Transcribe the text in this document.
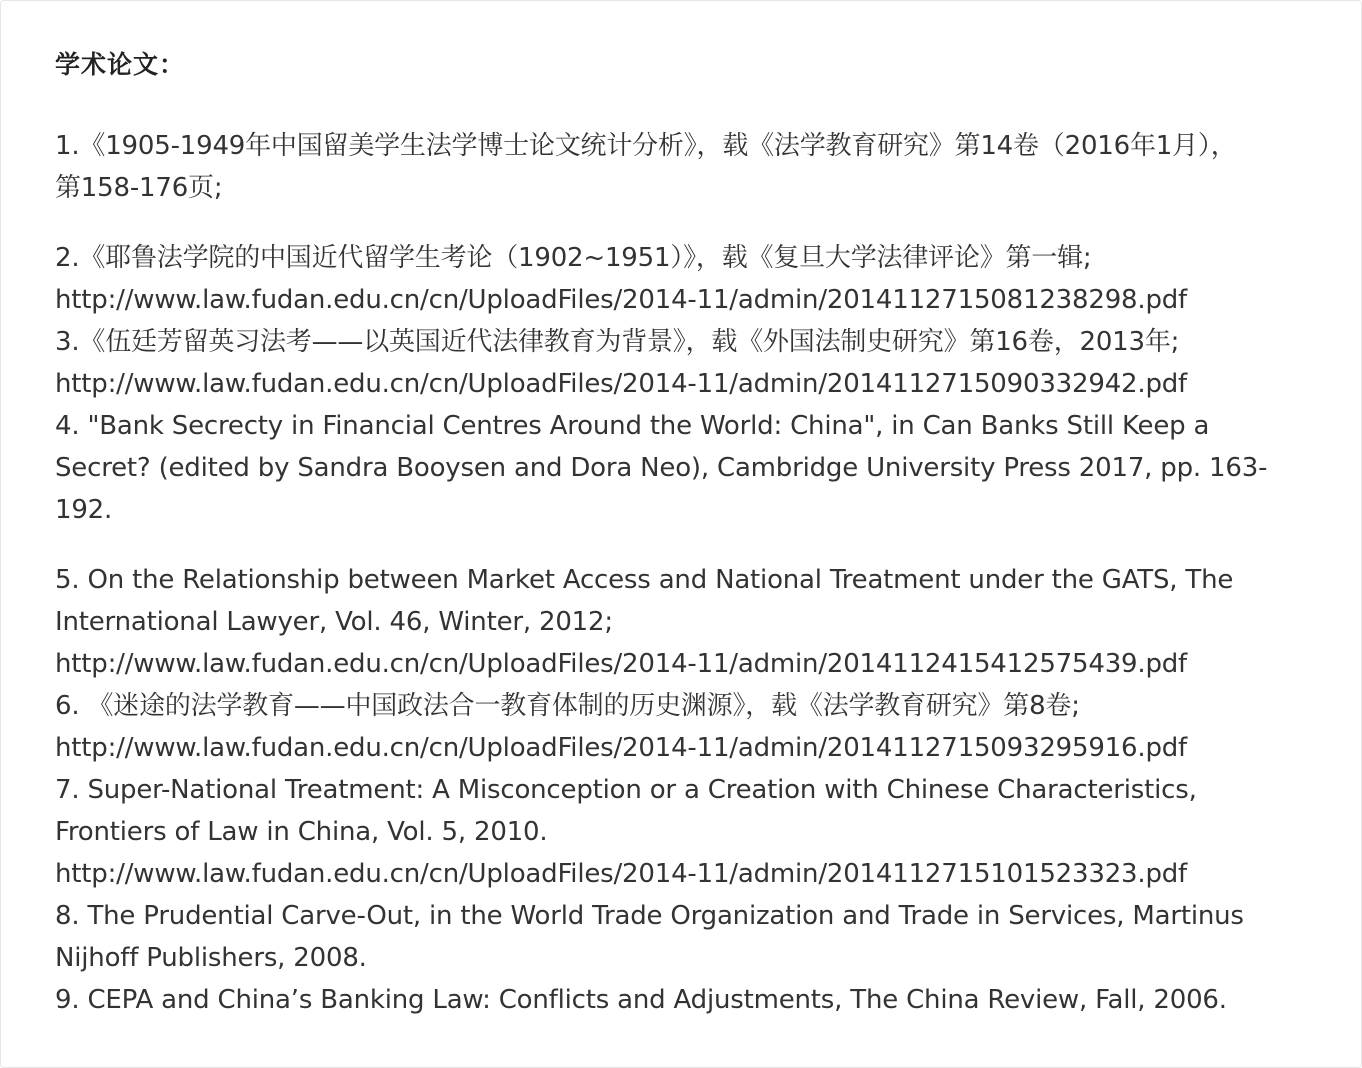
学术论文：
1.《1905-1949年中国留美学生法学博士论文统计分析》，载《法学教育研究》第14卷（2016年1月），
第158-176页;
2.《耶鲁法学院的中国近代留学生考论（1902~1951）》，载《复旦大学法律评论》第一辑;
http://www.law.fudan.edu.cn/cn/UploadFiles/2014-11/admin/20141127150812382​98.pdf
3.《伍廷芳留英习法考——以英国近代法律教育为背景》，载《外国法制史研究》第16卷，2013年;
http://www.law.fudan.edu.cn/cn/UploadFiles/2014-11/admin/20141127150903329​42.pdf
4. "Bank Secrecty in Financial Centres Around the World: China", in Can Banks Still Keep a
Secret? (edited by Sandra Booysen and Dora Neo), Cambridge University Press 2017, pp. 163-
192.
5. On the Relationship between Market Access and National Treatment under the GATS, The
International Lawyer, Vol. 46, Winter, 2012;
http://www.law.fudan.edu.cn/cn/UploadFiles/2014-11/admin/20141124154125754​39.pdf
6. 《迷途的法学教育——中国政法合一教育体制的历史渊源》，载《法学教育研究》第8卷;
http://www.law.fudan.edu.cn/cn/UploadFiles/2014-11/admin/20141127150932959​16.pdf
7. Super-National Treatment: A Misconception or a Creation with Chinese Characteristics,
Frontiers of Law in China, Vol. 5, 2010.
http://www.law.fudan.edu.cn/cn/UploadFiles/2014-11/admin/20141127151015233​23.pdf
8. The Prudential Carve-Out, in the World Trade Organization and Trade in Services, Martinus
Nijhoff Publishers, 2008.
9. CEPA and China’s Banking Law: Conflicts and Adjustments, The China Review, Fall, 2006.
